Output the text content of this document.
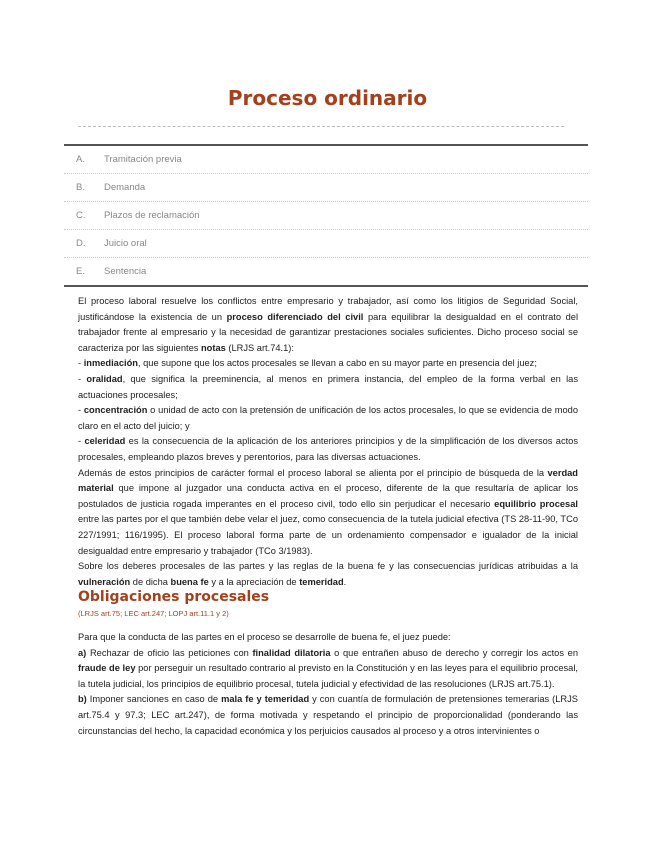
Proceso ordinario
A. Tramitación previa
B. Demanda
C. Plazos de reclamación
D. Juicio oral
E. Sentencia

El proceso laboral resuelve los conflictos entre empresario y trabajador, así como los litigios de Seguridad Social, justificándose la existencia de un proceso diferenciado del civil para equilibrar la desigualdad en el contrato del trabajador frente al empresario y la necesidad de garantizar prestaciones sociales suficientes. Dicho proceso social se caracteriza por las siguientes notas (LRJS art.74.1):

- inmediación, que supone que los actos procesales se llevan a cabo en su mayor parte en presencia del juez;

- oralidad, que significa la preeminencia, al menos en primera instancia, del empleo de la forma verbal en las actuaciones procesales;

- concentración o unidad de acto con la pretensión de unificación de los actos procesales, lo que se evidencia de modo claro en el acto del juicio; y

- celeridad es la consecuencia de la aplicación de los anteriores principios y de la simplificación de los diversos actos procesales, empleando plazos breves y perentorios, para las diversas actuaciones.

Además de estos principios de carácter formal el proceso laboral se alienta por el principio de búsqueda de la verdad material que impone al juzgador una conducta activa en el proceso, diferente de la que resultaría de aplicar los postulados de justicia rogada imperantes en el proceso civil, todo ello sin perjudicar el necesario equilibrio procesal entre las partes por el que también debe velar el juez, como consecuencia de la tutela judicial efectiva (TS 28-11-90, TCo 227/1991; 116/1995). El proceso laboral forma parte de un ordenamiento compensador e igualador de la inicial desigualdad entre empresario y trabajador (TCo 3/1983).

Sobre los deberes procesales de las partes y las reglas de la buena fe y las consecuencias jurídicas atribuidas a la vulneración de dicha buena fe y a la apreciación de temeridad.

Obligaciones procesales
(LRJS art.75; LEC art.247; LOPJ art.11.1 y 2)

Para que la conducta de las partes en el proceso se desarrolle de buena fe, el juez puede:

a) Rechazar de oficio las peticiones con finalidad dilatoria o que entrañen abuso de derecho y corregir los actos en fraude de ley por perseguir un resultado contrario al previsto en la Constitución y en las leyes para el equilibrio procesal, la tutela judicial, los principios de equilibrio procesal, tutela judicial y efectividad de las resoluciones (LRJS art.75.1).

b) Imponer sanciones en caso de mala fe y temeridad y con cuantía de formulación de pretensiones temerarias (LRJS art.75.4 y 97.3; LEC art.247), de forma motivada y respetando el principio de proporcionalidad (ponderando las circunstancias del hecho, la capacidad económica y los perjuicios causados al proceso y a otros intervinientes o
